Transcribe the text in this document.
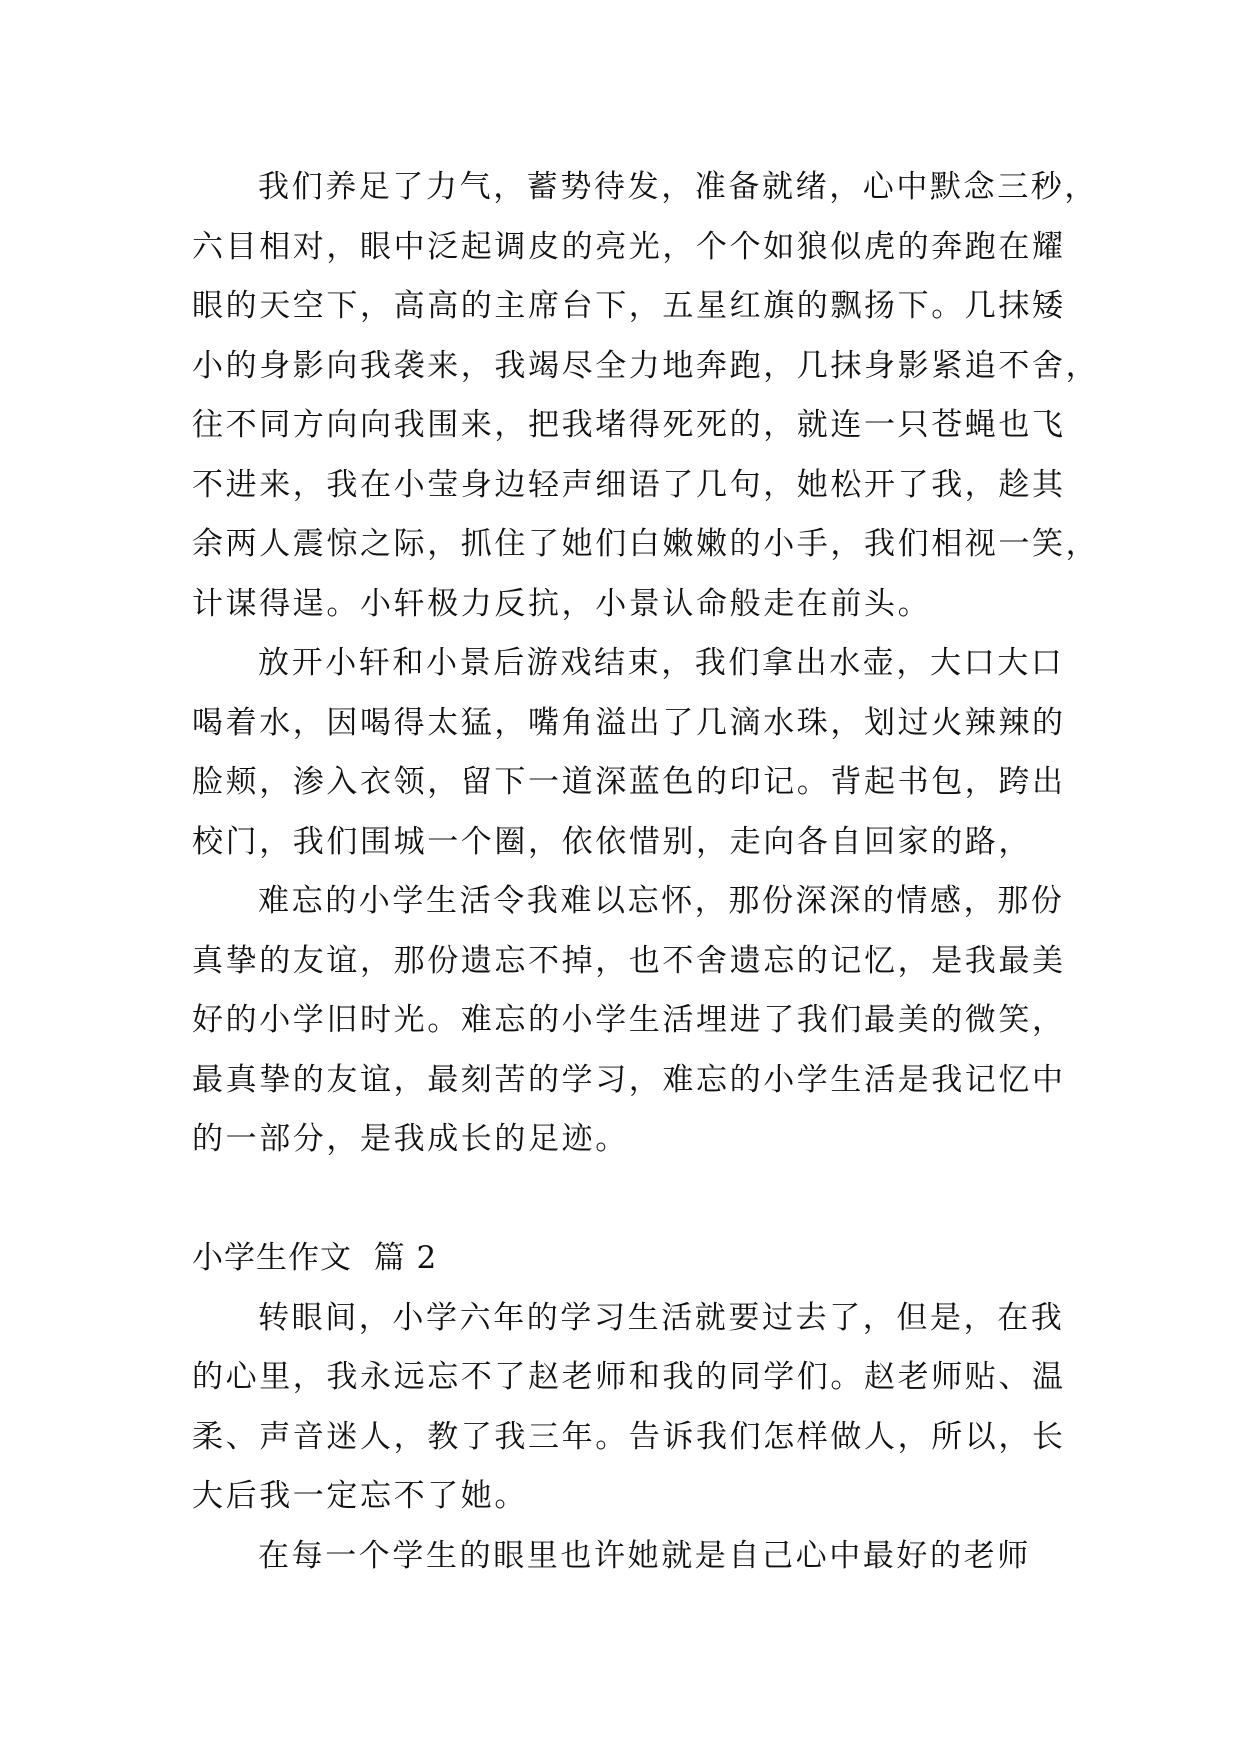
我们养足了力气，蓄势待发，准备就绪，心中默念三秒，
六目相对，眼中泛起调皮的亮光，个个如狼似虎的奔跑在耀
眼的天空下，高高的主席台下，五星红旗的飘扬下。几抹矮
小的身影向我袭来，我竭尽全力地奔跑，几抹身影紧追不舍，
往不同方向向我围来，把我堵得死死的，就连一只苍蝇也飞
不进来，我在小莹身边轻声细语了几句，她松开了我，趁其
余两人震惊之际，抓住了她们白嫩嫩的小手，我们相视一笑，
计谋得逞。小轩极力反抗，小景认命般走在前头。
放开小轩和小景后游戏结束，我们拿出水壶，大口大口
喝着水，因喝得太猛，嘴角溢出了几滴水珠，划过火辣辣的
脸颊，渗入衣领，留下一道深蓝色的印记。背起书包，跨出
校门，我们围城一个圈，依依惜别，走向各自回家的路，
难忘的小学生活令我难以忘怀，那份深深的情感，那份
真挚的友谊，那份遗忘不掉，也不舍遗忘的记忆，是我最美
好的小学旧时光。难忘的小学生活埋进了我们最美的微笑，
最真挚的友谊，最刻苦的学习，难忘的小学生活是我记忆中
的一部分，是我成长的足迹。
小学生作文  篇 2
转眼间，小学六年的学习生活就要过去了，但是，在我
的心里，我永远忘不了赵老师和我的同学们。赵老师贴、温
柔、声音迷人，教了我三年。告诉我们怎样做人，所以，长
大后我一定忘不了她。
在每一个学生的眼里也许她就是自己心中最好的老师
